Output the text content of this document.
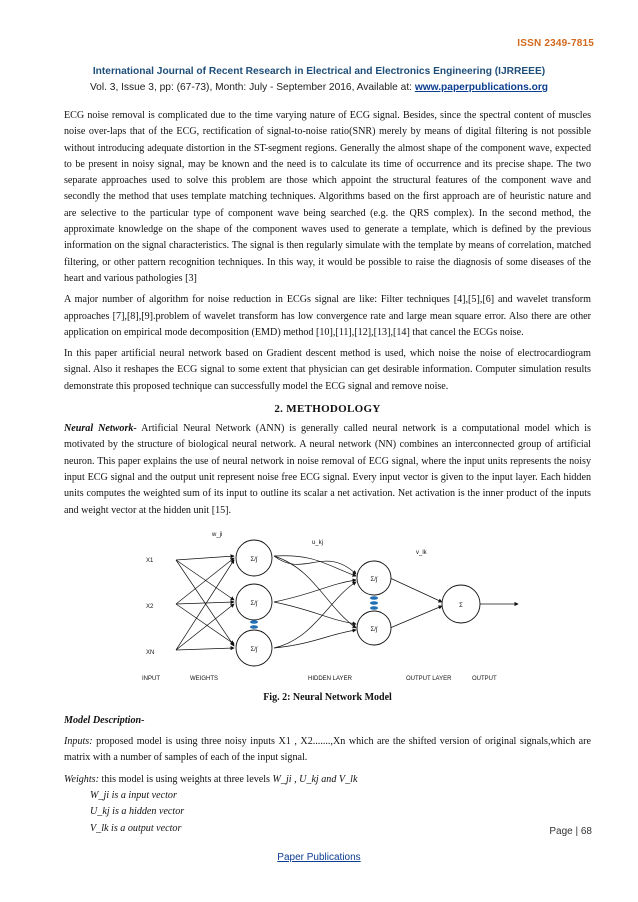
ISSN 2349-7815
International Journal of Recent Research in Electrical and Electronics Engineering (IJRREEE)
Vol. 3, Issue 3, pp: (67-73), Month: July - September 2016, Available at: www.paperpublications.org

ECG noise removal is complicated due to the time varying nature of ECG signal. Besides, since the spectral content of muscles noise over-laps that of the ECG, rectification of signal-to-noise ratio(SNR) merely by means of digital filtering is not possible without introducing adequate distortion in the ST-segment regions. Generally the almost shape of the component wave, expected to be present in noisy signal, may be known and the need is to calculate its time of occurrence and its precise shape. The two separate approaches used to solve this problem are those which appoint the structural features of the component wave and secondly the method that uses template matching techniques. Algorithms based on the first approach are of heuristic nature and are selective to the particular type of component wave being searched (e.g. the QRS complex). In the second method, the approximate knowledge on the shape of the component waves used to generate a template, which is defined by the previous information on the signal characteristics. The signal is then regularly simulate with the template by means of correlation, matched filtering, or other pattern recognition techniques. In this way, it would be possible to raise the diagnosis of some diseases of the heart and various pathologies [3]

A major number of algorithm for noise reduction in ECGs signal are like: Filter techniques [4],[5],[6] and wavelet transform approaches [7],[8],[9].problem of wavelet transform has low convergence rate and large mean square error. Also there are other application on empirical mode decomposition (EMD) method [10],[11],[12],[13],[14] that cancel the ECGs noise.

In this paper artificial neural network based on Gradient descent method is used, which noise the noise of electrocardiogram signal. Also it reshapes the ECG signal to some extent that physician can get desirable information. Computer simulation results demonstrate this proposed technique can successfully model the ECG signal and remove noise.

2. METHODOLOGY

Neural Network- Artificial Neural Network (ANN) is generally called neural network is a computational model which is motivated by the structure of biological neural network. A neural network (NN) combines an interconnected group of artificial neuron. This paper explains the use of neural network in noise removal of ECG signal, where the input units represents the noisy input ECG signal and the output unit represent noise free ECG signal. Every input vector is given to the input layer. Each hidden units computes the weighted sum of its input to outline its scalar a net activation. Net activation is the inner product of the inputs and weight vector at the hidden unit [15].

X1
X2
XN
w_ji
u_kj
v_lk
Σ/∫
Σ/∫
Σ/∫
Σ/∫
Σ/∫
Σ
INPUT	WEIGHTS	HIDDEN LAYER	OUTPUT LAYER	OUTPUT
Fig. 2: Neural Network Model

Model Description-

Inputs: proposed model is using three noisy inputs X1 , X2.......,Xn which are the shifted version of original signals,which are matrix with a number of samples of each of the input signal.

Weights: this model is using weights at three levels W_ji , U_kj and V_lk

W_ji is a input vector

U_kj is a hidden vector

V_lk is a output vector	Page | 68
Paper Publications
